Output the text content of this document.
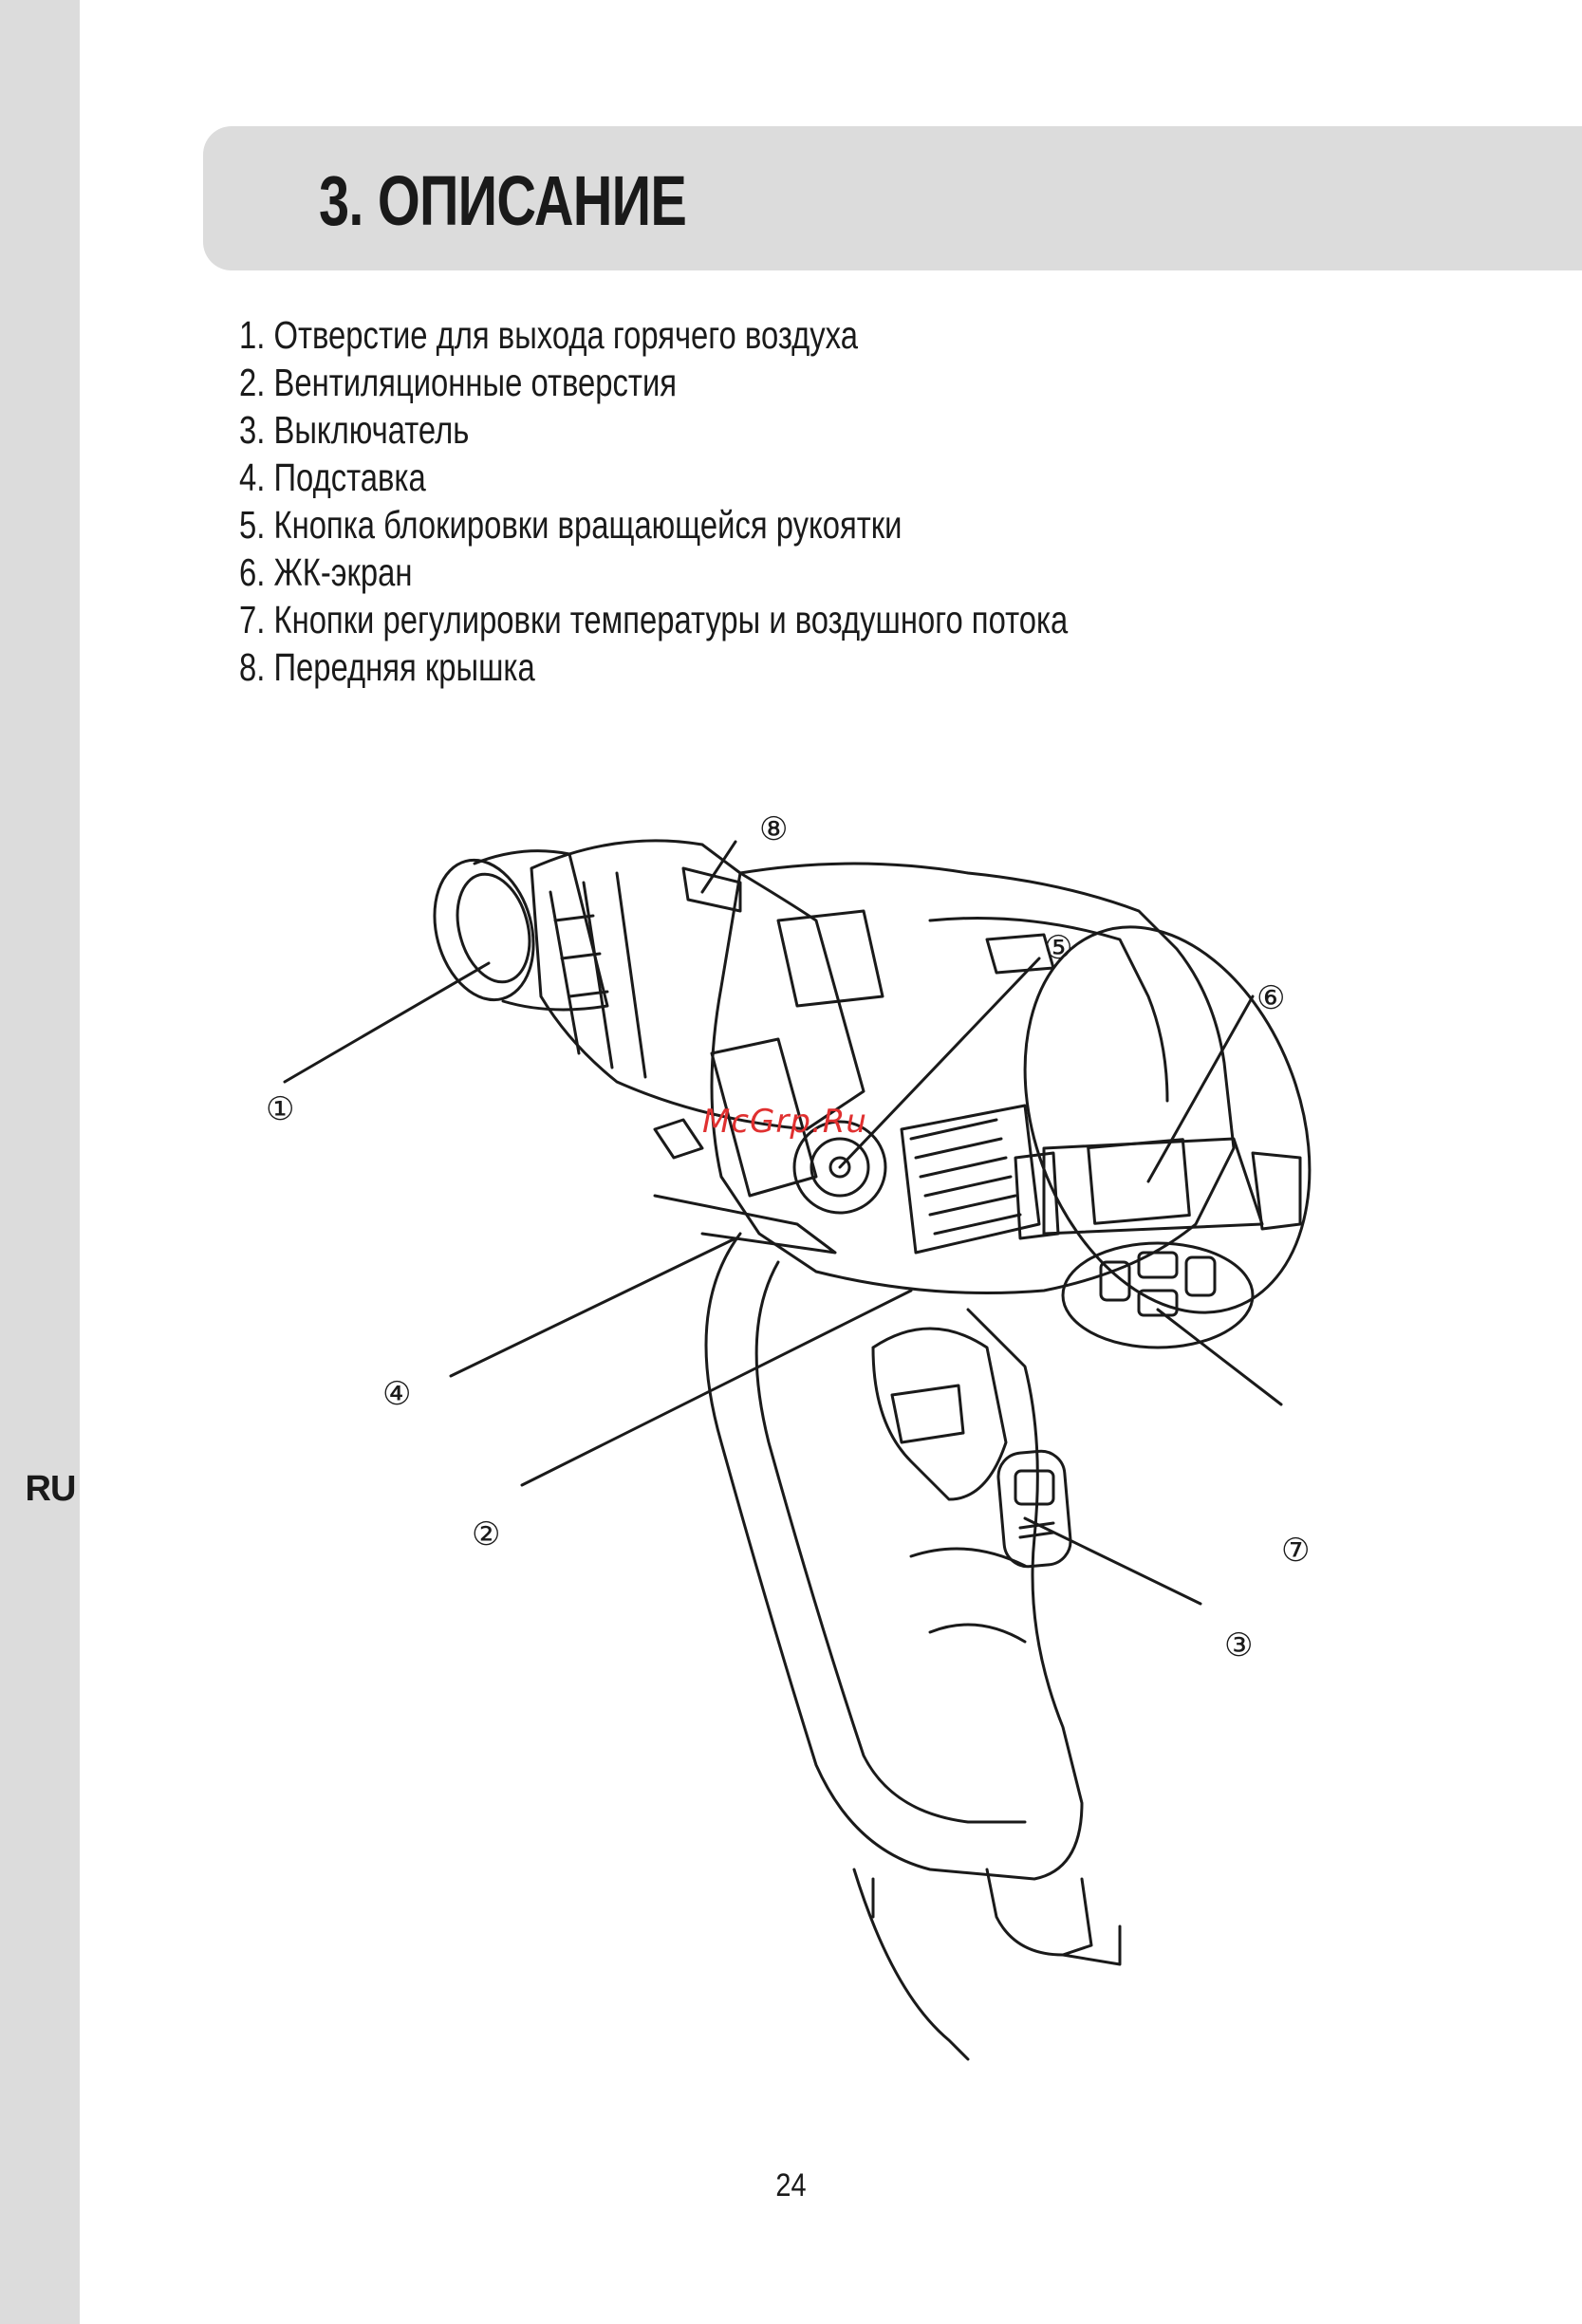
RU
3. ОПИСАНИЕ
1. Отверстие для выхода горячего воздуха
2. Вентиляционные отверстия
3. Выключатель
4. Подставка
5. Кнопка блокировки вращающейся рукоятки
6. ЖК-экран
7. Кнопки регулировки температуры и воздушного потока
8. Передняя крышка
①
②
③
④
⑤
⑥
⑦
⑧
McGrp.Ru
24
